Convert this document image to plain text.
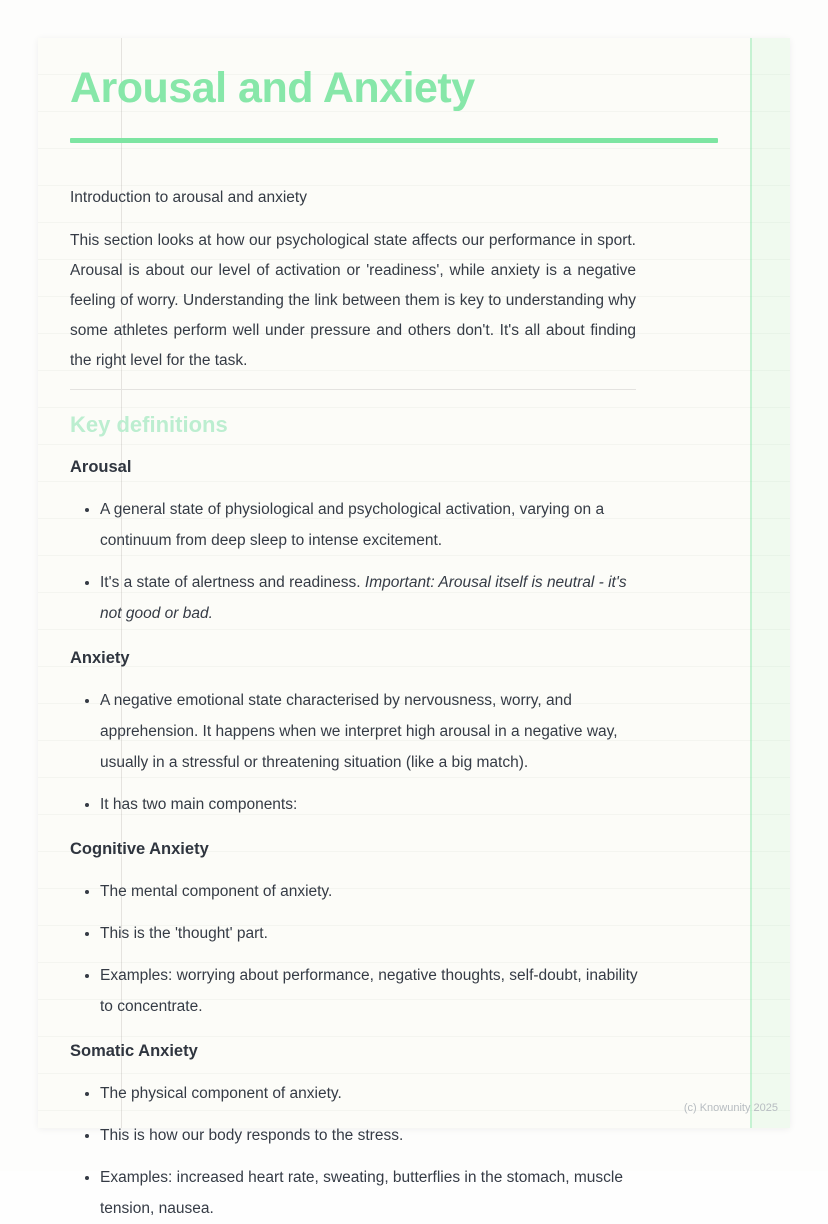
Arousal and Anxiety

Introduction to arousal and anxiety

This section looks at how our psychological state affects our performance in sport. Arousal is about our level of activation or 'readiness', while anxiety is a negative feeling of worry. Understanding the link between them is key to understanding why some athletes perform well under pressure and others don't. It's all about finding the right level for the task.

Key definitions
Arousal
• A general state of physiological and psychological activation, varying on a continuum from deep sleep to intense excitement.
• It's a state of alertness and readiness. Important: Arousal itself is neutral - it's not good or bad.
Anxiety
• A negative emotional state characterised by nervousness, worry, and apprehension. It happens when we interpret high arousal in a negative way, usually in a stressful or threatening situation (like a big match).
• It has two main components:
Cognitive Anxiety
• The mental component of anxiety.
• This is the 'thought' part.
• Examples: worrying about performance, negative thoughts, self-doubt, inability to concentrate.
Somatic Anxiety
• The physical component of anxiety.
• This is how our body responds to the stress.
• Examples: increased heart rate, sweating, butterflies in the stomach, muscle tension, nausea.
(c) Knowunity 2025
